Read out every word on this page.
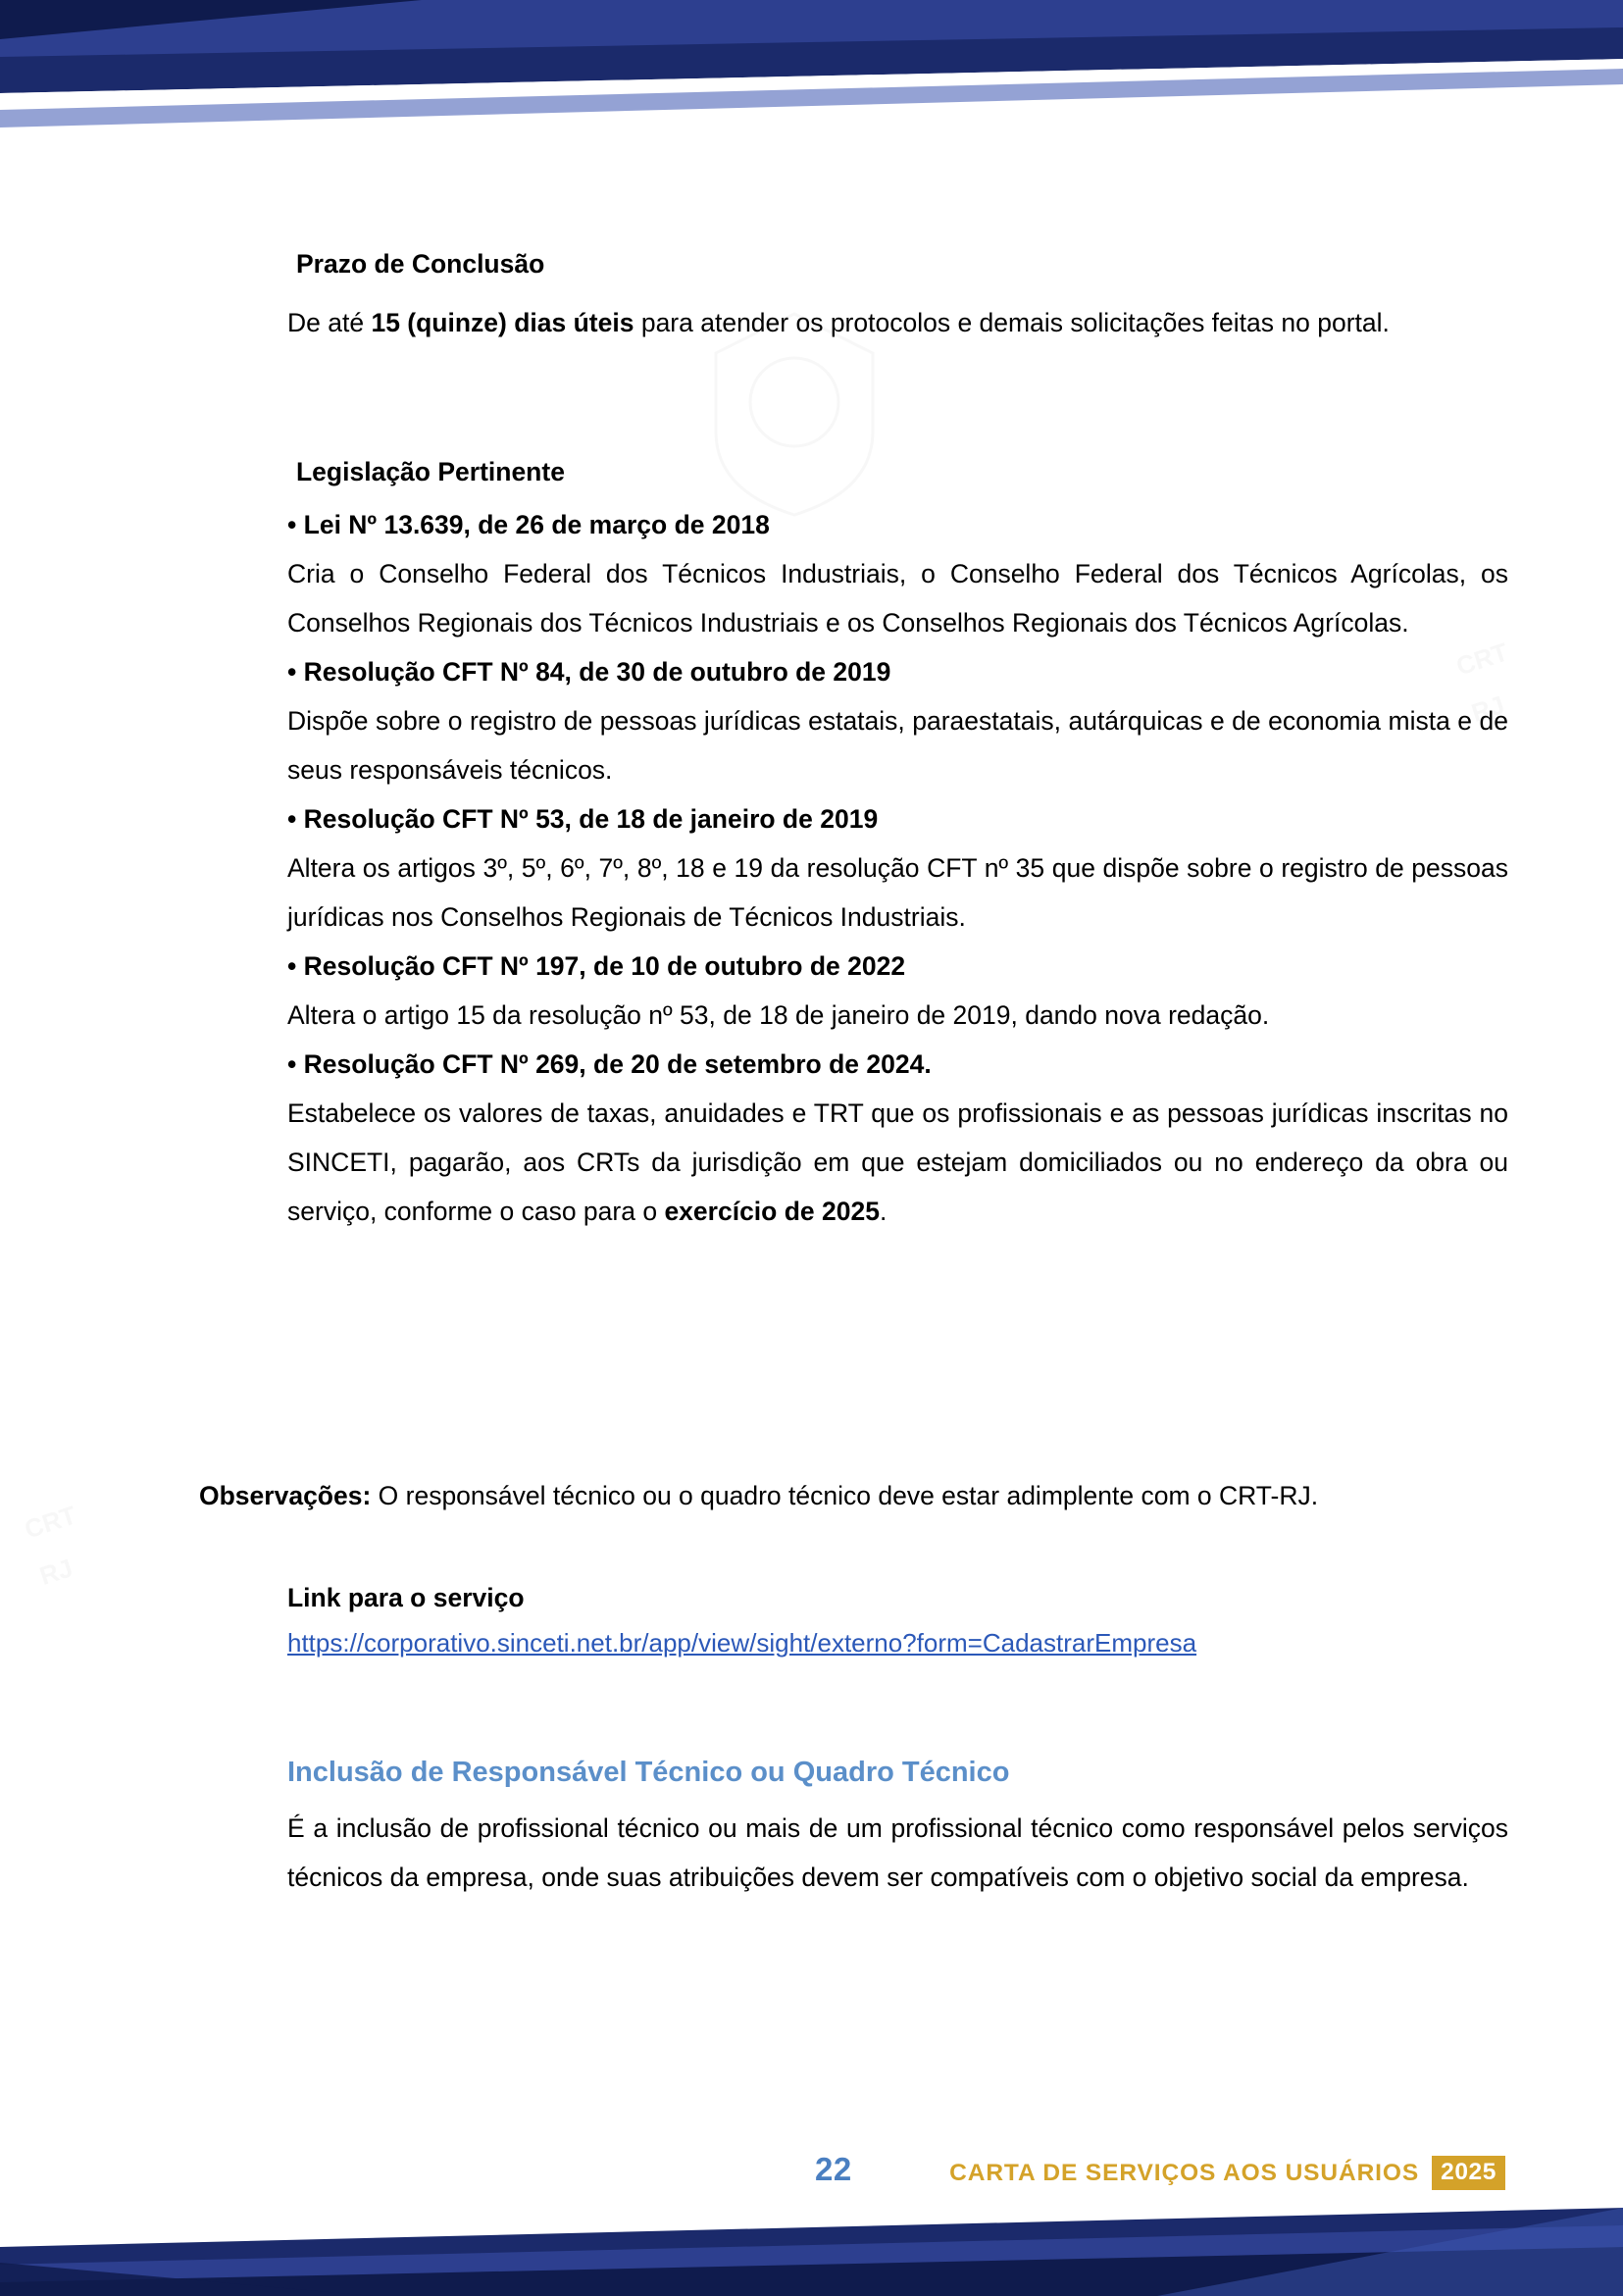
Prazo de Conclusão

De até 15 (quinze) dias úteis para atender os protocolos e demais solicitações feitas no portal.

Legislação Pertinente

• Lei Nº 13.639, de 26 de março de 2018

Cria o Conselho Federal dos Técnicos Industriais, o Conselho Federal dos Técnicos Agrícolas, os Conselhos Regionais dos Técnicos Industriais e os Conselhos Regionais dos Técnicos Agrícolas.

• Resolução CFT Nº 84, de 30 de outubro de 2019

Dispõe sobre o registro de pessoas jurídicas estatais, paraestatais, autárquicas e de economia mista e de seus responsáveis técnicos.

• Resolução CFT Nº 53, de 18 de janeiro de 2019

Altera os artigos 3º, 5º, 6º, 7º, 8º, 18 e 19 da resolução CFT nº 35 que dispõe sobre o registro de pessoas jurídicas nos Conselhos Regionais de Técnicos Industriais.

• Resolução CFT Nº 197, de 10 de outubro de 2022

Altera o artigo 15 da resolução nº 53, de 18 de janeiro de 2019, dando nova redação.

• Resolução CFT Nº 269, de 20 de setembro de 2024.

Estabelece os valores de taxas, anuidades e TRT que os profissionais e as pessoas jurídicas inscritas no SINCETI, pagarão, aos CRTs da jurisdição em que estejam domiciliados ou no endereço da obra ou serviço, conforme o caso para o exercício de 2025.

Observações: O responsável técnico ou o quadro técnico deve estar adimplente com o CRT-RJ.

Link para o serviço
https://corporativo.sinceti.net.br/app/view/sight/externo?form=CadastrarEmpresa
Inclusão de Responsável Técnico ou Quadro Técnico

É a inclusão de profissional técnico ou mais de um profissional técnico como responsável pelos serviços técnicos da empresa, onde suas atribuições devem ser compatíveis com o objetivo social da empresa.

22	CARTA DE SERVIÇOS AOS USUÁRIOS 2025
